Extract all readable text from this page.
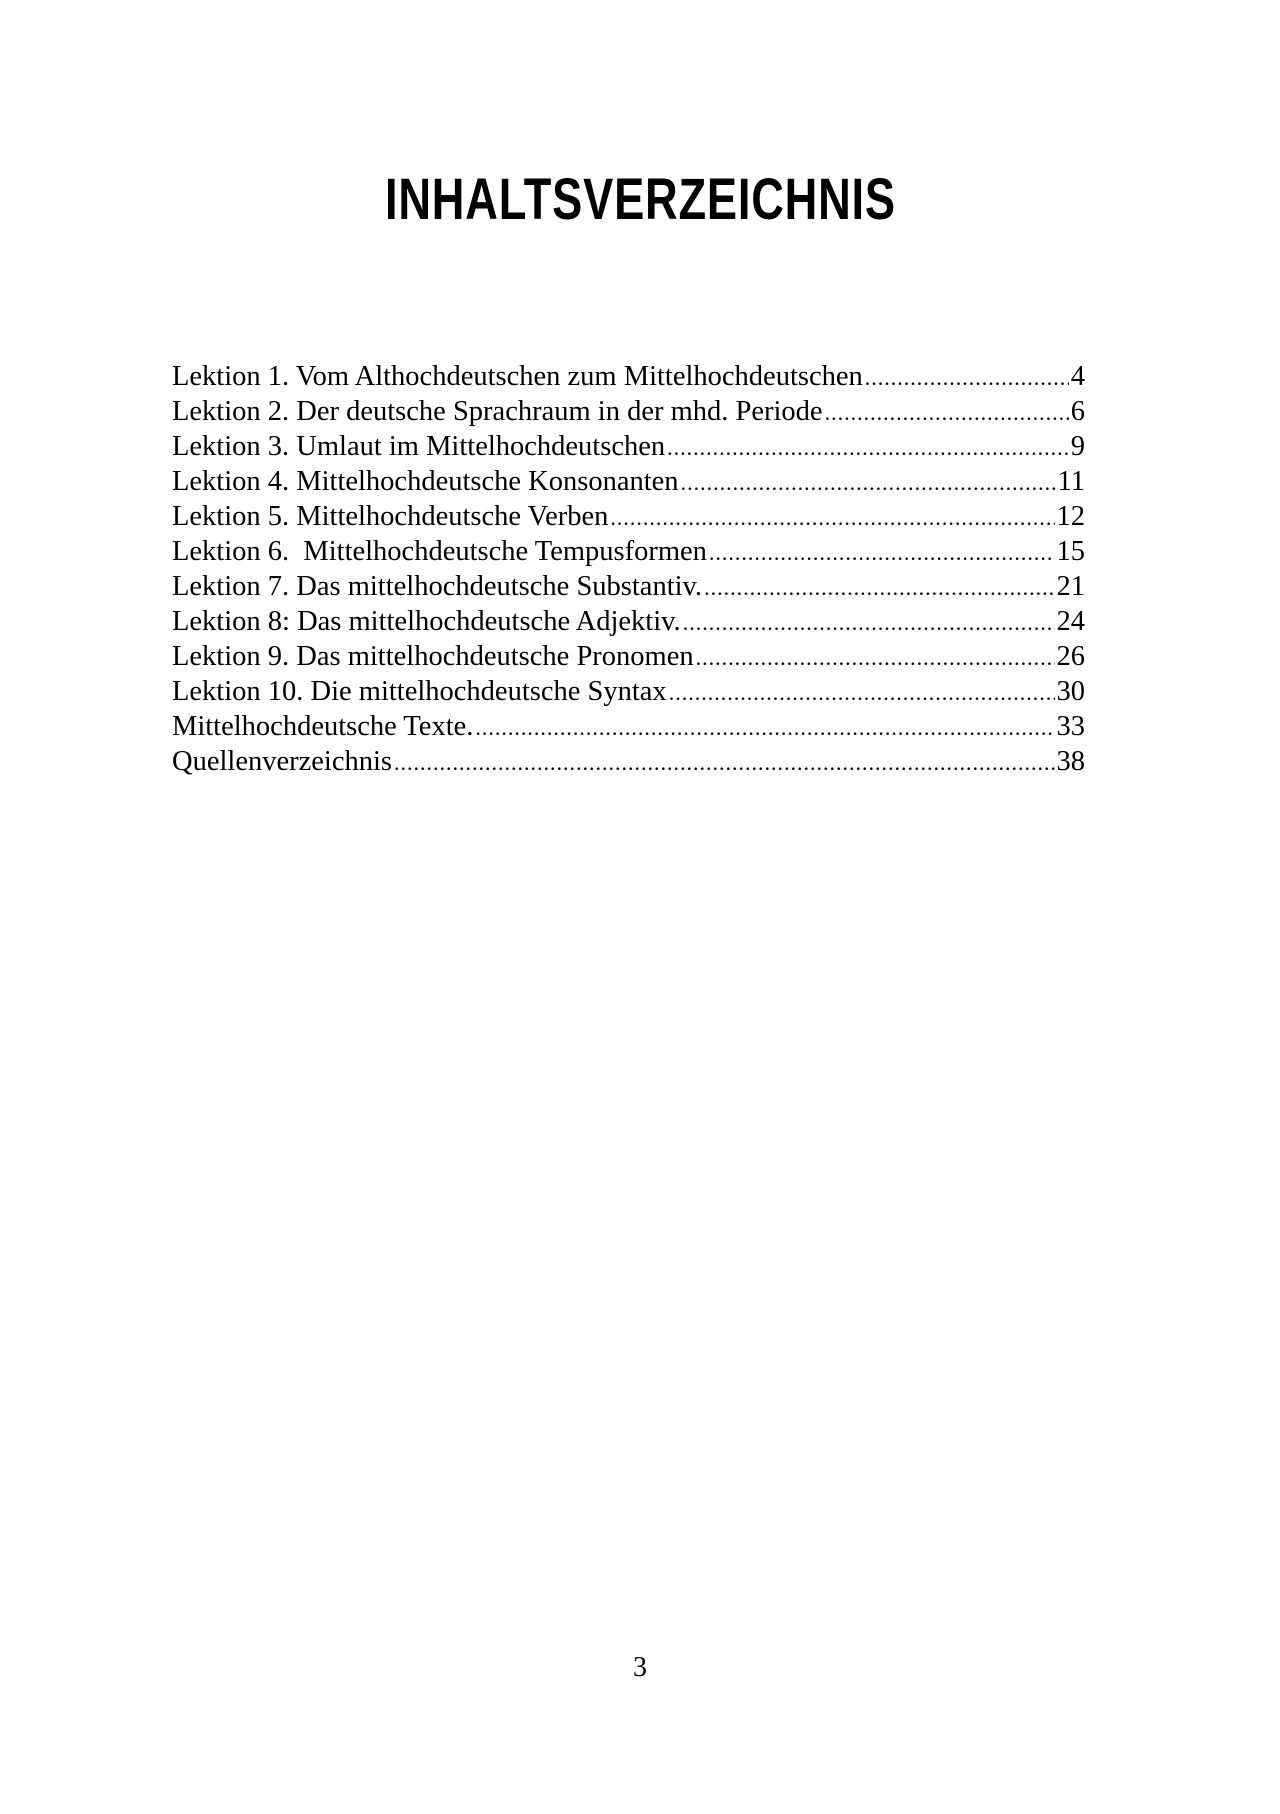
INHALTSVERZEICHNIS
Lektion 1. Vom Althochdeutschen zum Mittelhochdeutschen .....	4
Lektion 2. Der deutsche Sprachraum in der mhd. Periode .....	6
Lektion 3. Umlaut im Mittelhochdeutschen .....	9
Lektion 4. Mittelhochdeutsche Konsonanten .....	11
Lektion 5. Mittelhochdeutsche Verben .....	12
Lektion 6.  Mittelhochdeutsche Tempusformen .....	15
Lektion 7. Das mittelhochdeutsche Substantiv. .....	21
Lektion 8: Das mittelhochdeutsche Adjektiv. .....	24
Lektion 9. Das mittelhochdeutsche Pronomen .....	26
Lektion 10. Die mittelhochdeutsche Syntax .....	30
Mittelhochdeutsche Texte. .....	33
Quellenverzeichnis .....	38
3
